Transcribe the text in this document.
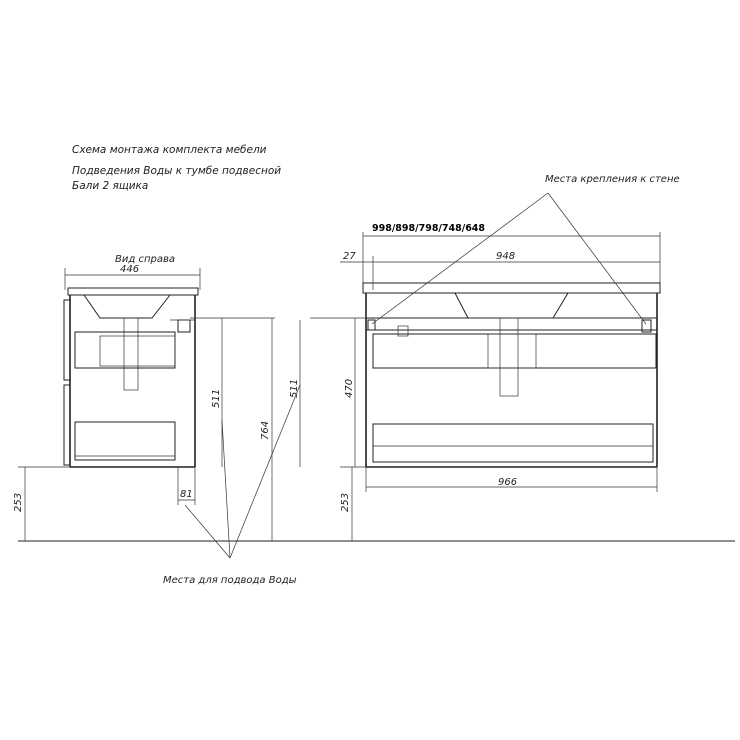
Схема монтажа комплекта мебели
Подведения Воды к тумбе подвесной
Бали 2 ящика
Вид справа
446
253	81
511
764
511
Места крепления к стене
998/898/798/748/648
27	948
470
966
253
Места для подвода Воды
